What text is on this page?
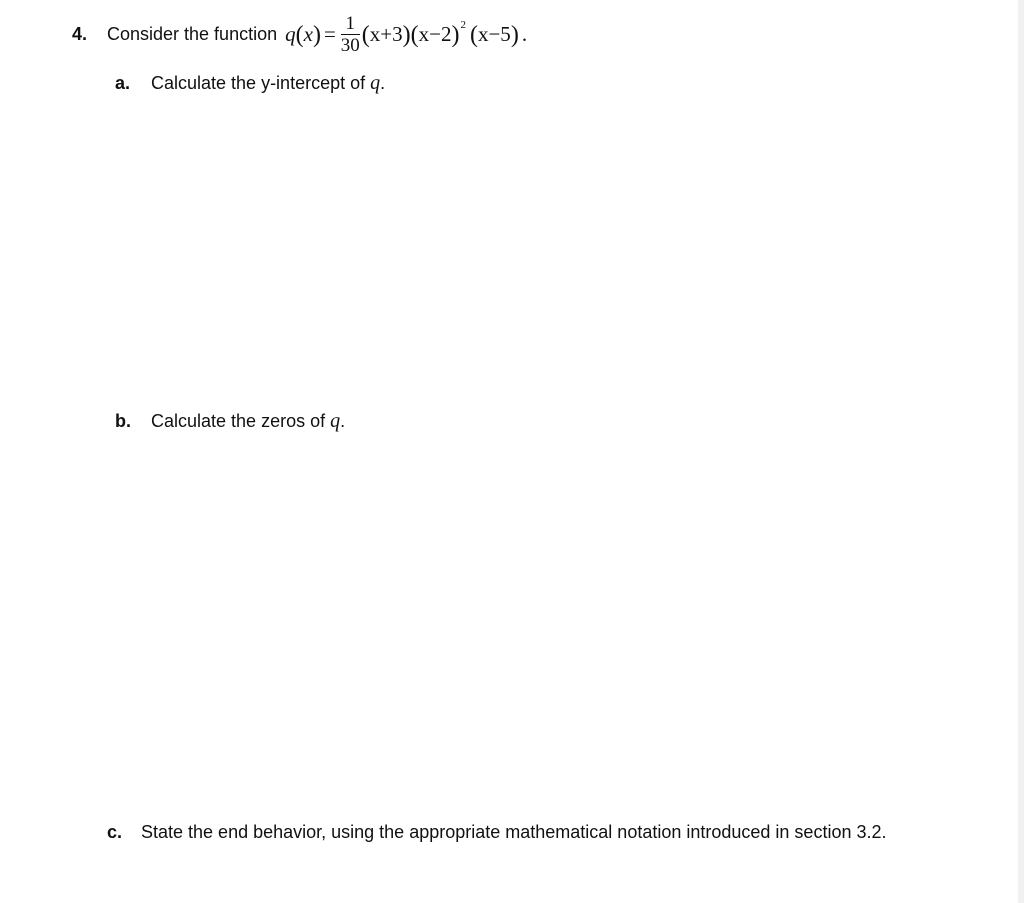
4.	Consider the function q ( x ) = $\frac{1}{30}$ ( x+3 ) ( x−2 ) 2 ( x−5 ) .
a. Calculate the y-intercept of q.
b. Calculate the zeros of q.
c. State the end behavior, using the appropriate mathematical notation introduced in section 3.2.
